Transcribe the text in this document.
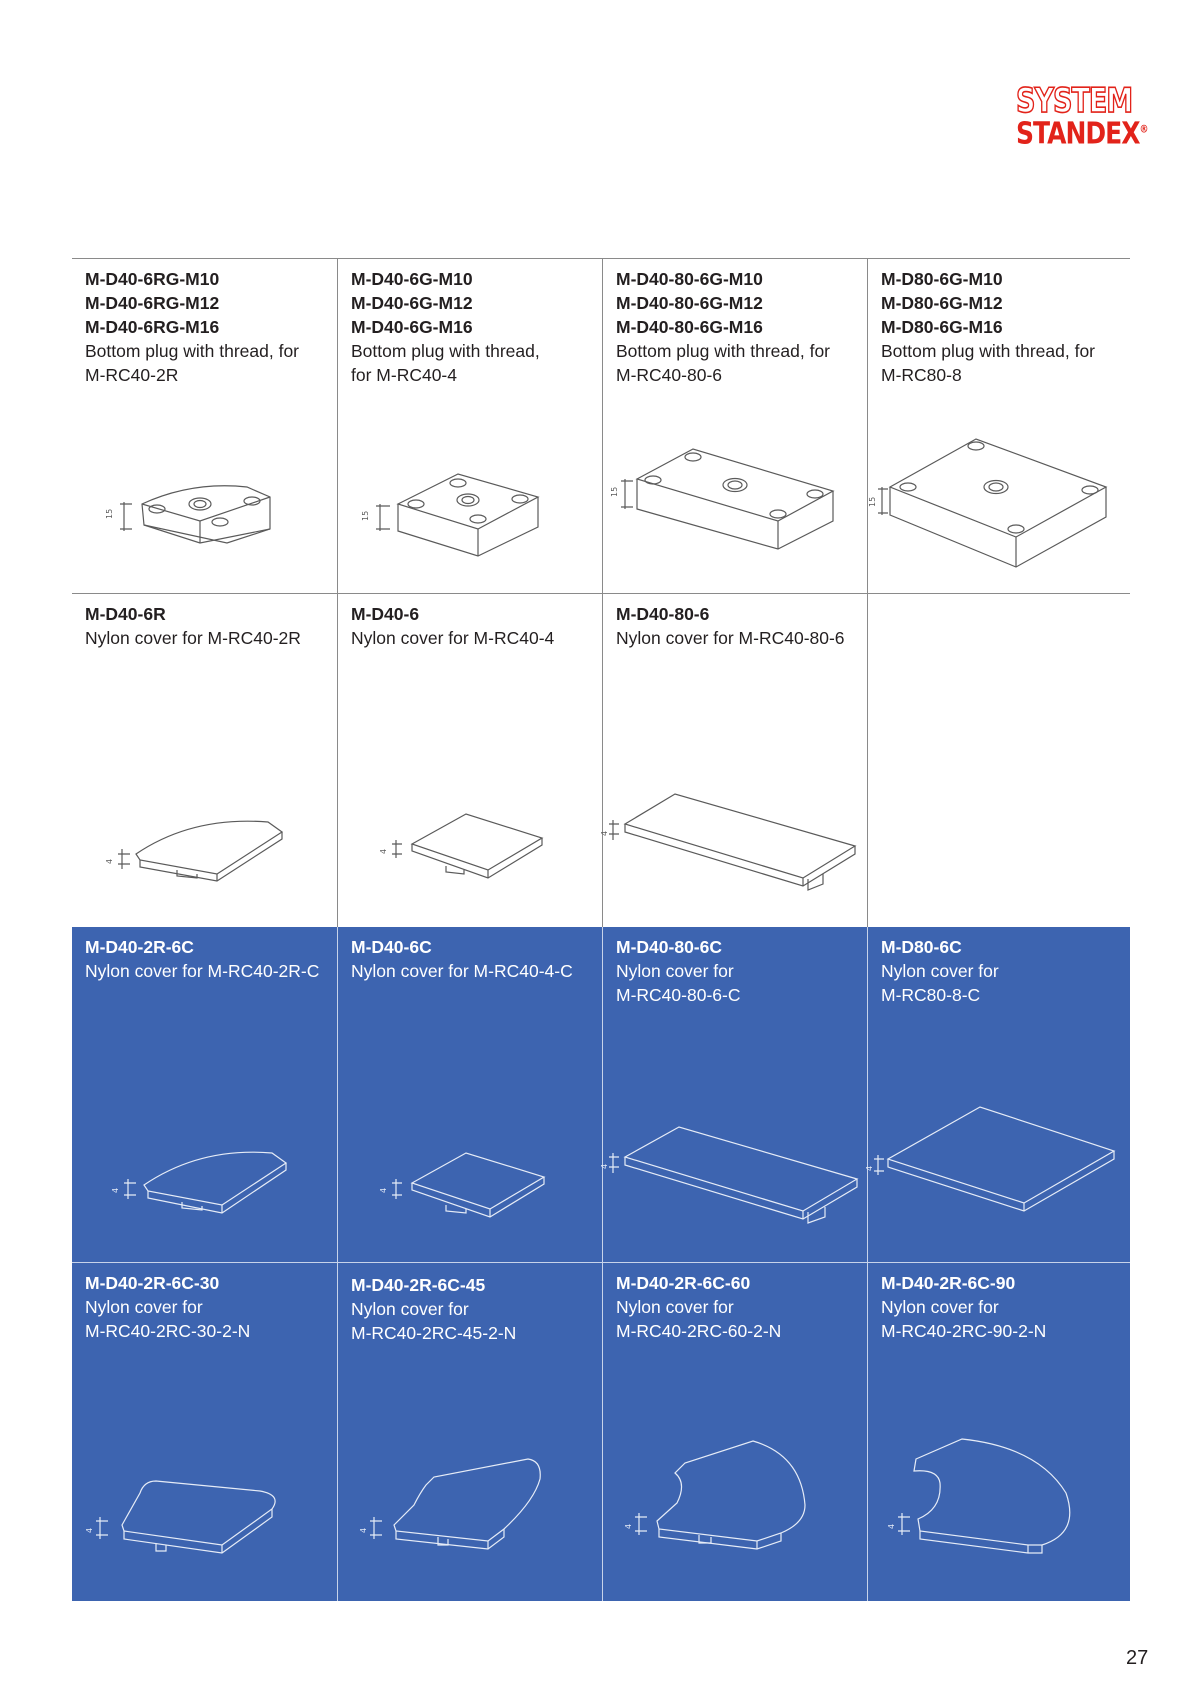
SYSTEM
STANDEX®
M-D40-6RG-M10
M-D40-6RG-M12
M-D40-6RG-M16
Bottom plug with thread, for
M-RC40-2R
15
M-D40-6G-M10
M-D40-6G-M12
M-D40-6G-M16
Bottom plug with thread,
for M-RC40-4
15
M-D40-80-6G-M10
M-D40-80-6G-M12
M-D40-80-6G-M16
Bottom plug with thread, for
M-RC40-80-6
15
M-D80-6G-M10
M-D80-6G-M12
M-D80-6G-M16
Bottom plug with thread, for
M-RC80-8
15
M-D40-6R
Nylon cover for M-RC40-2R
4
M-D40-6
Nylon cover for M-RC40-4
4
M-D40-80-6
Nylon cover for M-RC40-80-6
4
M-D40-2R-6C
Nylon cover for M-RC40-2R-C
4
M-D40-6C
Nylon cover for M-RC40-4-C
4
M-D40-80-6C
Nylon cover for
M-RC40-80-6-C
4
M-D80-6C
Nylon cover for
M-RC80-8-C
4
M-D40-2R-6C-30
Nylon cover for
M-RC40-2RC-30-2-N
4
M-D40-2R-6C-45
Nylon cover for
M-RC40-2RC-45-2-N
4
M-D40-2R-6C-60
Nylon cover for
M-RC40-2RC-60-2-N
4
M-D40-2R-6C-90
Nylon cover for
M-RC40-2RC-90-2-N
4
27
